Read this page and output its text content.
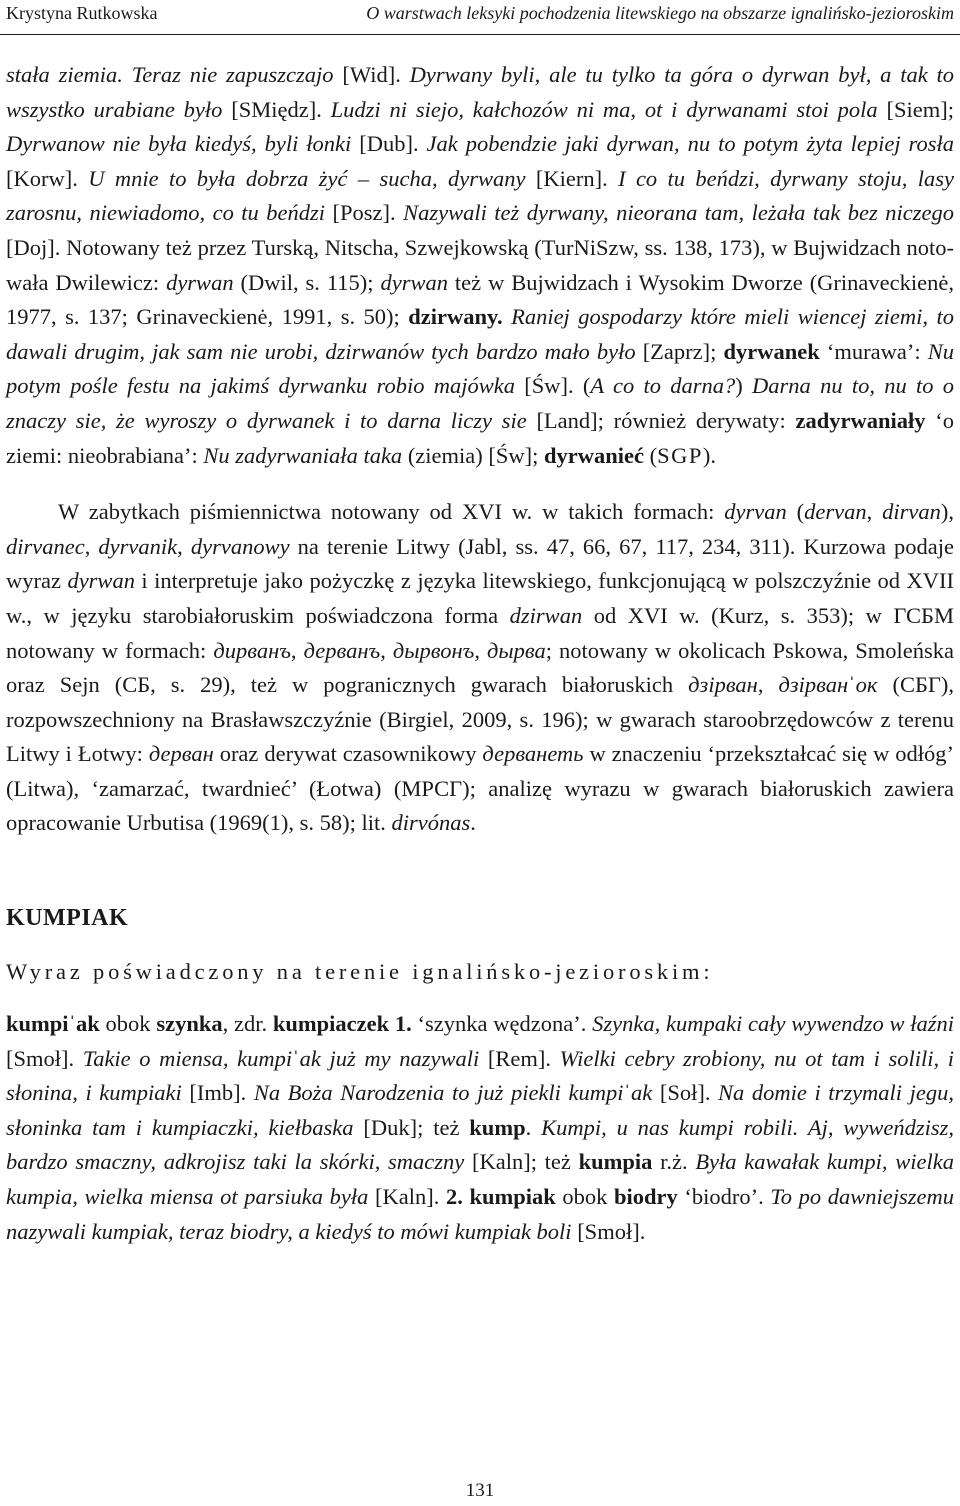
Krystyna Rutkowska	O warstwach leksyki pochodzenia litewskiego na obszarze ignalińsko-jezioroskim

stała ziemia. Teraz nie zapuszczajo [Wid]. Dyrwany byli, ale tu tylko ta góra o dyrwan był, a tak to wszystko urabiane było [SMiędz]. Ludzi ni siejo, kałchozów ni ma, ot i dyrwanami stoi pola [Siem]; Dyrwanow nie była kiedyś, byli łonki [Dub]. Jak pobendzie jaki dyrwan, nu to potym żyta lepiej rosła [Korw]. U mnie to była dobrza żyć – sucha, dyrwany [Kiern]. I co tu beńdzi, dyrwany stoju, lasy zarosnu, niewiadomo, co tu beńdzi [Posz]. Nazywali też dyrwany, nieorana tam, leżała tak bez niczego [Doj]. Notowany też przez Turską, Nitscha, Szwejkowską (TurNiSzw, ss. 138, 173), w Bujwidzach notowała Dwilewicz: dyrwan (Dwil, s. 115); dyrwan też w Bujwidzach i Wysokim Dworze (Grinaveckienė, 1977, s. 137; Grinaveckienė, 1991, s. 50); dzirwany. Raniej gospodarzy które mieli wiencej ziemi, to dawali drugim, jak sam nie urobi, dzirwanów tych bardzo mało było [Zaprz]; dyrwanek ‘murawa’: Nu potym pośle festu na jakimś dyrwanku robio majówka [Św]. (A co to darna?) Darna nu to, nu to o znaczy sie, że wyroszy o dyrwanek i to darna liczy sie [Land]; również derywaty: zadyrwaniały ‘o ziemi: nieobrabiana’: Nu zadyrwaniała taka (ziemia) [Św]; dyrwanieć (SGP).

W zabytkach piśmiennictwa notowany od XVI w. w takich formach: dyrvan (dervan, dirvan), dirvanec, dyrvanik, dyrvanowy na terenie Litwy (Jabl, ss. 47, 66, 67, 117, 234, 311). Kurzowa podaje wyraz dyrwan i interpretuje jako pożyczkę z języka litewskiego, funkcjonującą w polszczyźnie od XVII w., w języku starobiałoruskim poświadczona forma dzirwan od XVI w. (Kurz, s. 353); w ГСБМ notowany w formach: дирванъ, дерванъ, дырвонъ, дырва; notowany w okolicach Pskowa, Smoleńska oraz Sejn (СБ, s. 29), też w pogranicznych gwarach białoruskich дзiрван, дзiрванˈок (СБГ), rozpowszechniony na Brasławszczyźnie (Birgiel, 2009, s. 196); w gwarach staroobrzędowców z terenu Litwy i Łotwy: дерван oraz derywat czasownikowy дерванеть w znaczeniu ‘przekształcać się w odłóg’ (Litwa), ‘zamarzać, twardnieć’ (Łotwa) (МРСГ); analizę wyrazu w gwarach białoruskich zawiera opracowanie Urbutisa (1969(1), s. 58); lit. dirvónas.

KUMPIAK
Wyraz poświadczony na terenie ignalińsko-jezioroskim:

kumpiˈak obok szynka, zdr. kumpiaczek 1. ‘szynka wędzona’. Szynka, kumpaki cały wywendzo w łaźni [Smoł]. Takie o miensa, kumpiˈak już my nazywali [Rem]. Wielki cebry zrobiony, nu ot tam i solili, i słonina, i kumpiaki [Imb]. Na Boża Narodzenia to już piekli kumpiˈak [Soł]. Na domie i trzymali jegu, słoninka tam i kumpiaczki, kiełbaska [Duk]; też kump. Kumpi, u nas kumpi robili. Aj, wyweńdzisz, bardzo smaczny, adkrojisz taki la skórki, smaczny [Kaln]; też kumpia r.ż. Była kawałak kumpi, wielka kumpia, wielka miensa ot parsiuka była [Kaln]. 2. kumpiak obok biodry ‘biodro’. To po dawniejszemu nazywali kumpiak, teraz biodry, a kiedyś to mówi kumpiak boli [Smoł].

131
